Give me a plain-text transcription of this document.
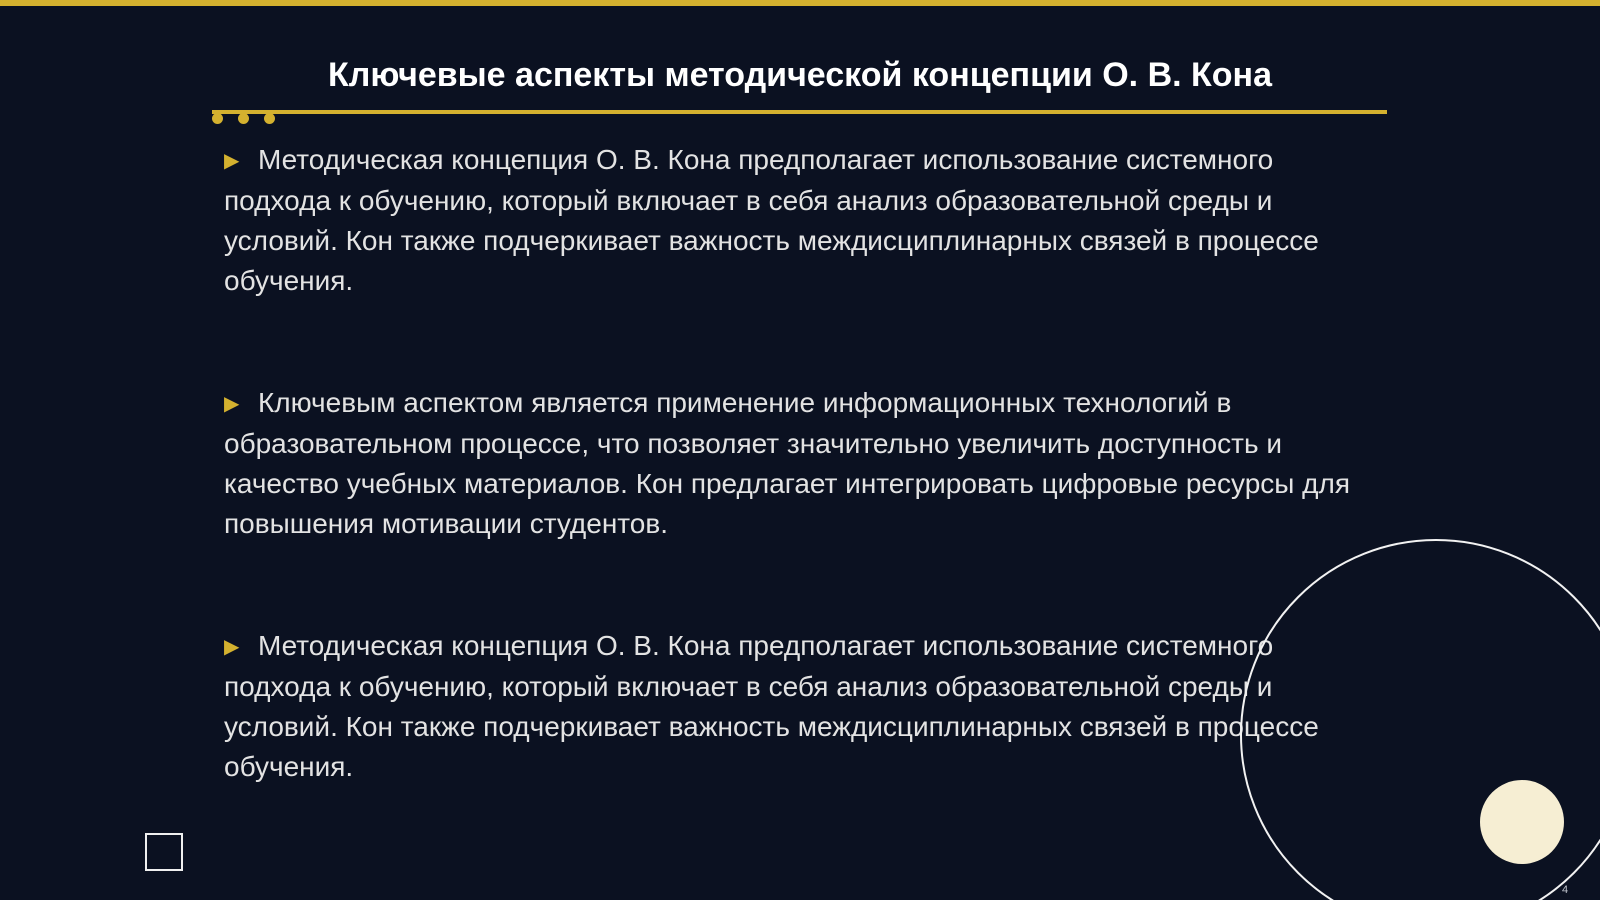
Ключевые аспекты методической концепции О. В. Кона
▶ Методическая концепция О. В. Кона предполагает использование системного подхода к обучению, который включает в себя анализ образовательной среды и условий. Кон также подчеркивает важность междисциплинарных связей в процессе обучения.
▶ Ключевым аспектом является применение информационных технологий в образовательном процессе, что позволяет значительно увеличить доступность и качество учебных материалов. Кон предлагает интегрировать цифровые ресурсы для повышения мотивации студентов.
▶ Методическая концепция О. В. Кона предполагает использование системного подхода к обучению, который включает в себя анализ образовательной среды и условий. Кон также подчеркивает важность междисциплинарных связей в процессе обучения.
4
